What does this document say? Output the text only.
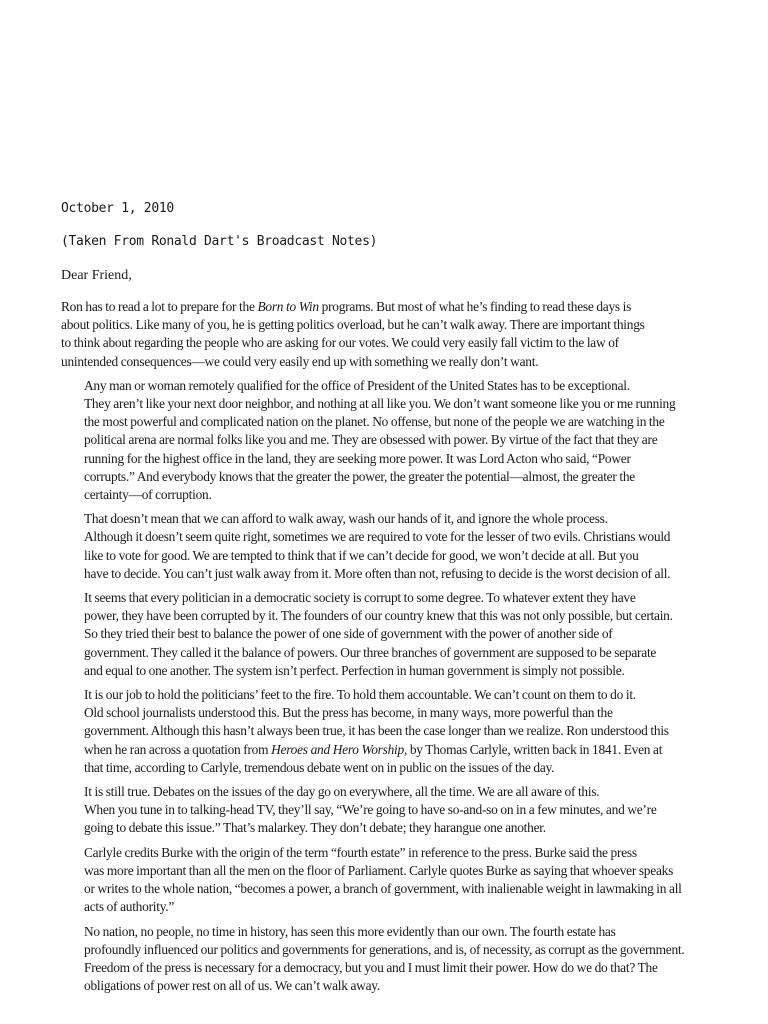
October 1, 2010

(Taken From Ronald Dart's Broadcast Notes)

Dear Friend,

Ron has to read a lot to prepare for the Born to Win programs. But most of what he’s finding to read these days is
about politics. Like many of you, he is getting politics overload, but he can’t walk away. There are important things
to think about regarding the people who are asking for our votes. We could very easily fall victim to the law of
unintended consequences—we could very easily end up with something we really don’t want.

Any man or woman remotely qualified for the office of President of the United States has to be exceptional.
They aren’t like your next door neighbor, and nothing at all like you. We don’t want someone like you or me running
the most powerful and complicated nation on the planet. No offense, but none of the people we are watching in the
political arena are normal folks like you and me. They are obsessed with power. By virtue of the fact that they are
running for the highest office in the land, they are seeking more power. It was Lord Acton who said, “Power
corrupts.” And everybody knows that the greater the power, the greater the potential—almost, the greater the
certainty—of corruption.

That doesn’t mean that we can afford to walk away, wash our hands of it, and ignore the whole process.
Although it doesn’t seem quite right, sometimes we are required to vote for the lesser of two evils. Christians would
like to vote for good. We are tempted to think that if we can’t decide for good, we won’t decide at all. But you
have to decide. You can’t just walk away from it. More often than not, refusing to decide is the worst decision of all.

It seems that every politician in a democratic society is corrupt to some degree. To whatever extent they have
power, they have been corrupted by it. The founders of our country knew that this was not only possible, but certain.
So they tried their best to balance the power of one side of government with the power of another side of
government. They called it the balance of powers. Our three branches of government are supposed to be separate
and equal to one another. The system isn’t perfect. Perfection in human government is simply not possible.

It is our job to hold the politicians’ feet to the fire. To hold them accountable. We can’t count on them to do it.
Old school journalists understood this. But the press has become, in many ways, more powerful than the
government. Although this hasn’t always been true, it has been the case longer than we realize. Ron understood this
when he ran across a quotation from Heroes and Hero Worship, by Thomas Carlyle, written back in 1841. Even at
that time, according to Carlyle, tremendous debate went on in public on the issues of the day.

It is still true. Debates on the issues of the day go on everywhere, all the time. We are all aware of this.
When you tune in to talking-head TV, they’ll say, “We’re going to have so-and-so on in a few minutes, and we’re
going to debate this issue.” That’s malarkey. They don’t debate; they harangue one another.

Carlyle credits Burke with the origin of the term “fourth estate” in reference to the press. Burke said the press
was more important than all the men on the floor of Parliament. Carlyle quotes Burke as saying that whoever speaks
or writes to the whole nation, “becomes a power, a branch of government, with inalienable weight in lawmaking in all
acts of authority.”

No nation, no people, no time in history, has seen this more evidently than our own. The fourth estate has
profoundly influenced our politics and governments for generations, and is, of necessity, as corrupt as the government.
Freedom of the press is necessary for a democracy, but you and I must limit their power. How do we do that? The
obligations of power rest on all of us. We can’t walk away.
